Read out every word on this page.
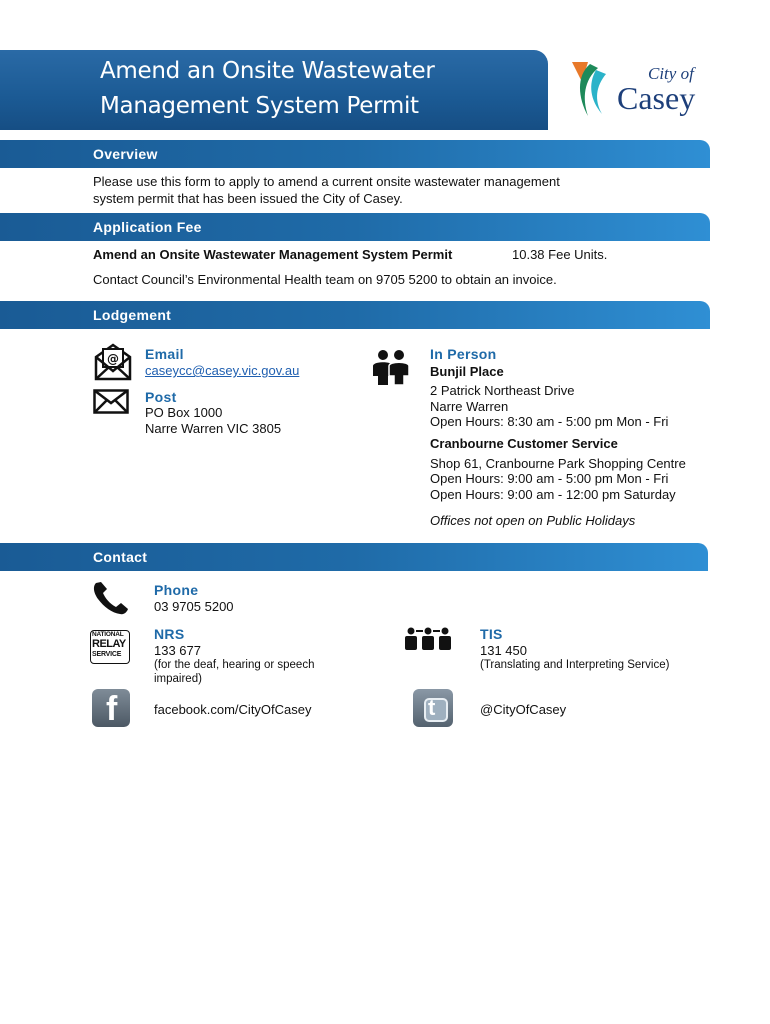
Amend an Onsite Wastewater
Management System Permit
City of
Casey
Overview
Please use this form to apply to amend a current onsite wastewater management
system permit that has been issued the City of Casey.
Application Fee
Amend an Onsite Wastewater Management System Permit	10.38 Fee Units.
Contact Council’s Environmental Health team on 9705 5200 to obtain an invoice.
Lodgement
@ Email
caseycc@casey.vic.gov.au
Post
PO Box 1000
Narre Warren VIC 3805
In Person
Bunjil Place
2 Patrick Northeast Drive
Narre Warren
Open Hours: 8:30 am - 5:00 pm Mon - Fri
Cranbourne Customer Service
Shop 61, Cranbourne Park Shopping Centre
Open Hours: 9:00 am - 5:00 pm Mon - Fri
Open Hours: 9:00 am - 12:00 pm Saturday
Offices not open on Public Holidays
Contact
Phone
03 9705 5200
NATIONAL
RELAY
SERVICE
NRS
133 677
(for the deaf, hearing or speech
impaired)
TIS
131 450
(Translating and Interpreting Service)
f	facebook.com/CityOfCasey	t	@CityOfCasey
